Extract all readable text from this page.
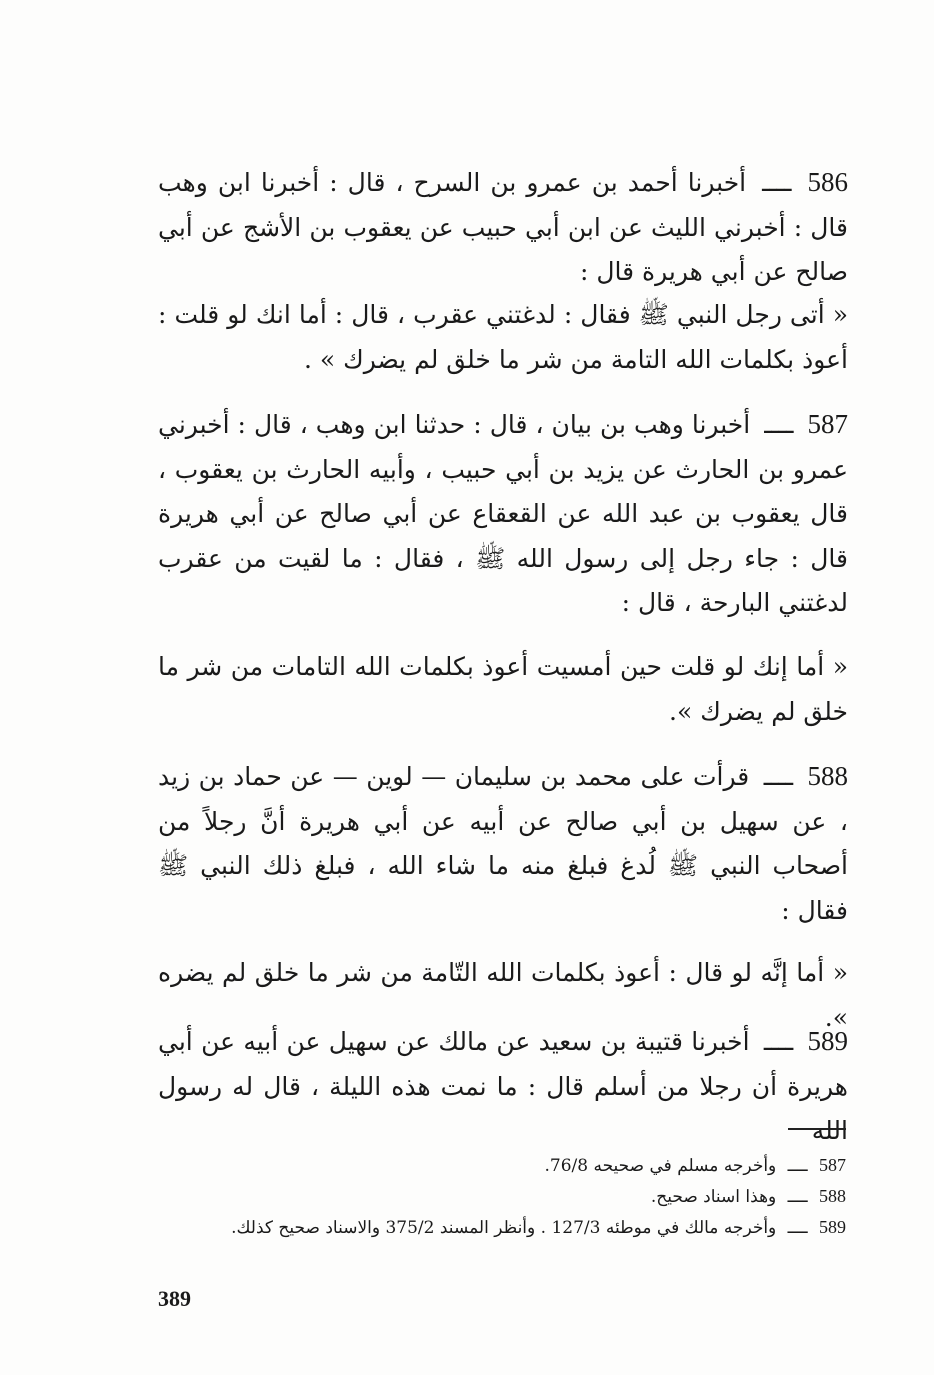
586 ــــ أخبرنا أحمد بن عمرو بن السرح ، قال : أخبرنا ابن وهب قال : أخبرني الليث عن ابن أبي حبيب عن يعقوب بن الأشج عن أبي صالح عن أبي هريرة قال :

« أتى رجل النبي ﷺ فقال : لدغتني عقرب ، قال : أما انك لو قلت : أعوذ بكلمات الله التامة من شر ما خلق لم يضرك » .

587 ــــ أخبرنا وهب بن بيان ، قال : حدثنا ابن وهب ، قال : أخبرني عمرو بن الحارث عن يزيد بن أبي حبيب ، وأبيه الحارث بن يعقوب ، قال يعقوب بن عبد الله عن القعقاع عن أبي صالح عن أبي هريرة قال : جاء رجل إلى رسول الله ﷺ ، فقال : ما لقيت من عقرب لدغتني البارحة ، قال :

« أما إنك لو قلت حين أمسيت أعوذ بكلمات الله التامات من شر ما خلق لم يضرك ».

588 ــــ قرأت على محمد بن سليمان — لوين — عن حماد بن زيد ، عن سهيل بن أبي صالح عن أبيه عن أبي هريرة أنَّ رجلاً من أصحاب النبي ﷺ لُدغ فبلغ منه ما شاء الله ، فبلغ ذلك النبي ﷺ فقال :

« أما إنَّه لو قال : أعوذ بكلمات الله التّامة من شر ما خلق لم يضره ».

589 ــــ أخبرنا قتيبة بن سعيد عن مالك عن سهيل عن أبيه عن أبي هريرة أن رجلا من أسلم قال : ما نمت هذه الليلة ، قال له رسول الله

587 ــــ وأخرجه مسلم في صحيحه 76/8.
588 ــــ وهذا اسناد صحيح.
589 ــــ وأخرجه مالك في موطئه 127/3 . وأنظر المسند 375/2 والاسناد صحيح كذلك.
389
